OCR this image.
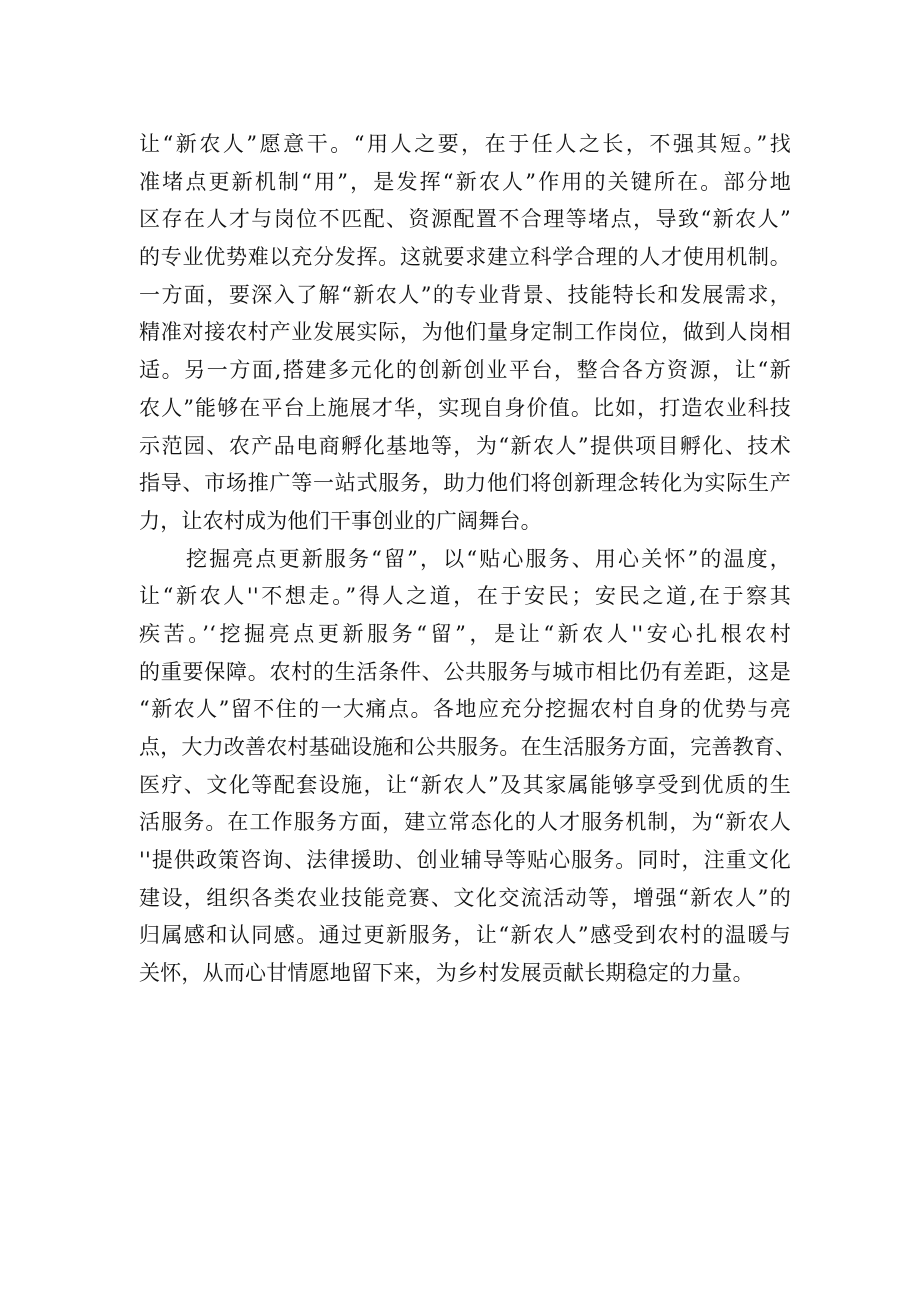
让“新农人”愿意干。“用人之要，在于任人之长，不强其短。”找
准堵点更新机制“用”，是发挥“新农人”作用的关键所在。部分地
区存在人才与岗位不匹配、资源配置不合理等堵点，导致“新农人”
的专业优势难以充分发挥。这就要求建立科学合理的人才使用机制。
一方面，要深入了解“新农人”的专业背景、技能特长和发展需求，
精准对接农村产业发展实际，为他们量身定制工作岗位，做到人岗相
适。另一方面,搭建多元化的创新创业平台，整合各方资源，让“新
农人”能够在平台上施展才华，实现自身价值。比如，打造农业科技
示范园、农产品电商孵化基地等，为“新农人”提供项目孵化、技术
指导、市场推广等一站式服务，助力他们将创新理念转化为实际生产
力，让农村成为他们干事创业的广阔舞台。
挖掘亮点更新服务“留”，以“贴心服务、用心关怀”的温度，
让“新农人''不想走。”得人之道，在于安民；安民之道,在于察其
疾苦。’‘挖掘亮点更新服务“留”，是让“新农人''安心扎根农村
的重要保障。农村的生活条件、公共服务与城市相比仍有差距，这是
“新农人”留不住的一大痛点。各地应充分挖掘农村自身的优势与亮
点，大力改善农村基础设施和公共服务。在生活服务方面，完善教育、
医疗、文化等配套设施，让“新农人”及其家属能够享受到优质的生
活服务。在工作服务方面，建立常态化的人才服务机制，为“新农人
''提供政策咨询、法律援助、创业辅导等贴心服务。同时，注重文化
建设，组织各类农业技能竞赛、文化交流活动等，增强“新农人”的
归属感和认同感。通过更新服务，让“新农人”感受到农村的温暖与
关怀，从而心甘情愿地留下来，为乡村发展贡献长期稳定的力量。
